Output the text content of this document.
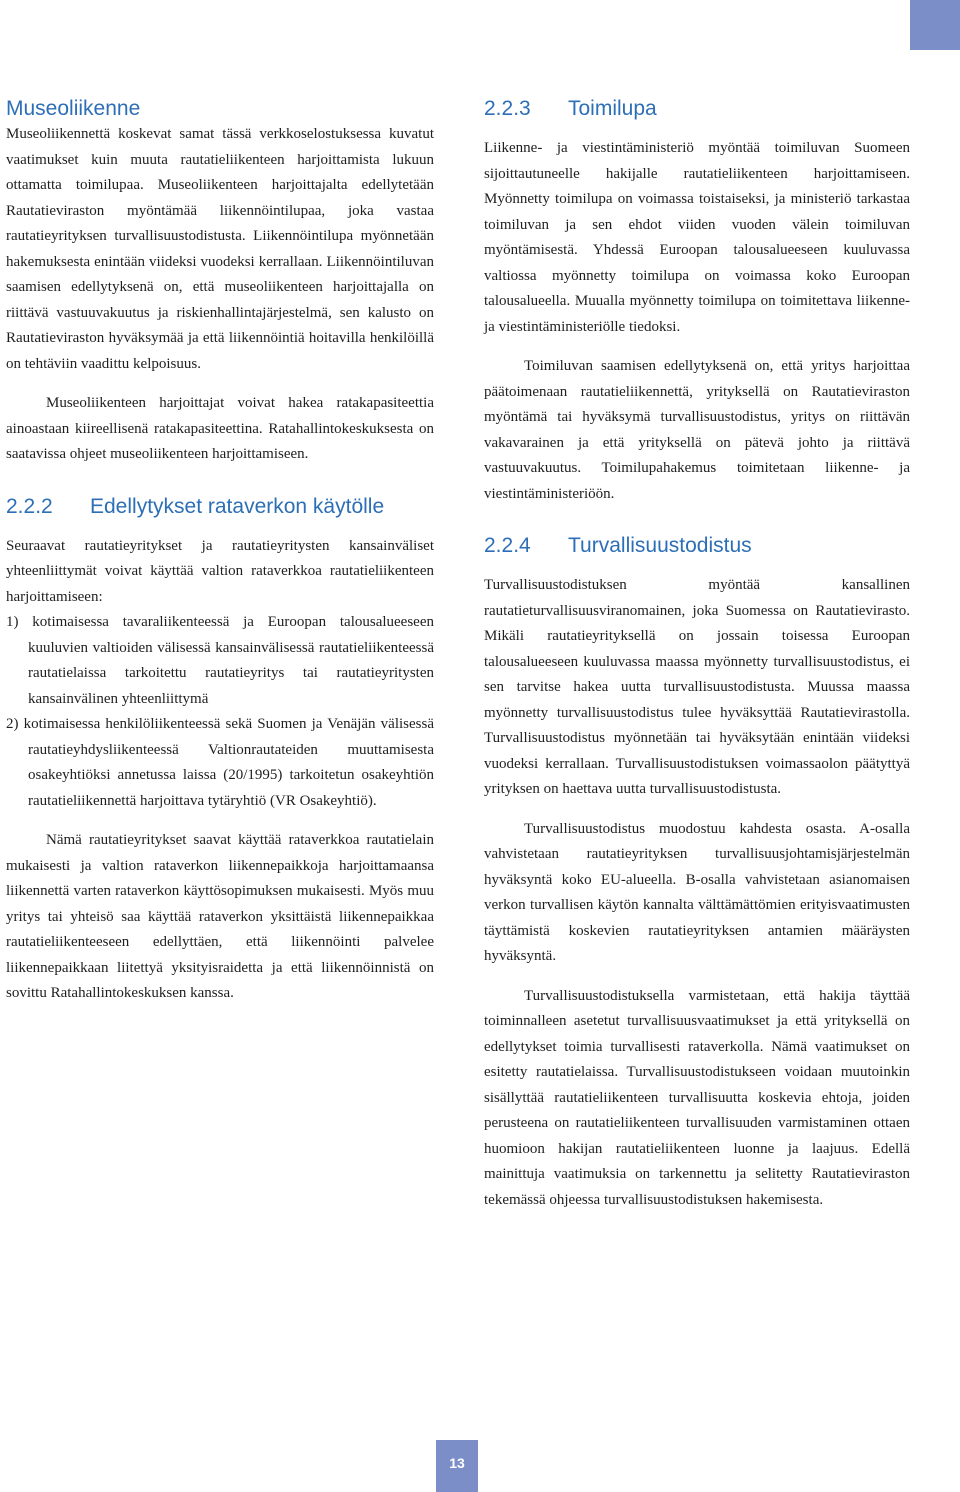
Museoliikenne

Museoliikennettä koskevat samat tässä verkkoselostuksessa kuvatut vaatimukset kuin muuta rautatieliikenteen harjoittamista lukuun ottamatta toimilupaa. Museoliikenteen harjoittajalta edellytetään Rautatieviraston myöntämää liikennöintilupaa, joka vastaa rautatieyrityksen turvallisuustodistusta. Liikennöintilupa myönnetään hakemuksesta enintään viideksi vuodeksi kerrallaan. Liikennöintiluvan saamisen edellytyksenä on, että museoliikenteen harjoittajalla on riittävä vastuuvakuutus ja riskienhallintajärjestelmä, sen kalusto on Rautatieviraston hyväksymää ja että liikennöintiä hoitavilla henkilöillä on tehtäviin vaadittu kelpoisuus.

Museoliikenteen harjoittajat voivat hakea ratakapasiteettia ainoastaan kiireellisenä ratakapasiteettina. Ratahallintokeskuksesta on saatavissa ohjeet museoliikenteen harjoittamiseen.

2.2.2	Edellytykset rataverkon käytölle

Seuraavat rautatieyritykset ja rautatieyritysten kansainväliset yhteenliittymät voivat käyttää valtion rataverkkoa rautatieliikenteen harjoittamiseen:

1) kotimaisessa tavaraliikenteessä ja Euroopan talousalueeseen kuuluvien valtioiden välisessä kansainvälisessä rautatieliikenteessä rautatielaissa tarkoitettu rautatieyritys tai rautatieyritysten kansainvälinen yhteenliittymä
2) kotimaisessa henkilöliikenteessä sekä Suomen ja Venäjän välisessä rautatieyhdysliikenteessä Valtionrautateiden muuttamisesta osakeyhtiöksi annetussa laissa (20/1995) tarkoitetun osakeyhtiön rautatieliikennettä harjoittava tytäryhtiö (VR Osakeyhtiö).

Nämä rautatieyritykset saavat käyttää rataverkkoa rautatielain mukaisesti ja valtion rataverkon liikennepaikkoja harjoittamaansa liikennettä varten rataverkon käyttösopimuksen mukaisesti. Myös muu yritys tai yhteisö saa käyttää rataverkon yksittäistä liikennepaikkaa rautatieliikenteeseen edellyttäen, että liikennöinti palvelee liikennepaikkaan liitettyä yksityisraidetta ja että liikennöinnistä on sovittu Ratahallintokeskuksen kanssa.

2.2.3	Toimilupa

Liikenne- ja viestintäministeriö myöntää toimiluvan Suomeen sijoittautuneelle hakijalle rautatieliikenteen harjoittamiseen. Myönnetty toimilupa on voimassa toistaiseksi, ja ministeriö tarkastaa toimiluvan ja sen ehdot viiden vuoden välein toimiluvan myöntämisestä. Yhdessä Euroopan talousalueeseen kuuluvassa valtiossa myönnetty toimilupa on voimassa koko Euroopan talousalueella. Muualla myönnetty toimilupa on toimitettava liikenne- ja viestintäministeriölle tiedoksi.

Toimiluvan saamisen edellytyksenä on, että yritys harjoittaa päätoimenaan rautatieliikennettä, yrityksellä on Rautatieviraston myöntämä tai hyväksymä turvallisuustodistus, yritys on riittävän vakavarainen ja että yrityksellä on pätevä johto ja riittävä vastuuvakuutus. Toimilupahakemus toimitetaan liikenne- ja viestintäministeriöön.

2.2.4	Turvallisuustodistus

Turvallisuustodistuksen myöntää kansallinen rautatieturvallisuusviranomainen, joka Suomessa on Rautatievirasto. Mikäli rautatieyrityksellä on jossain toisessa Euroopan talousalueeseen kuuluvassa maassa myönnetty turvallisuustodistus, ei sen tarvitse hakea uutta turvallisuustodistusta. Muussa maassa myönnetty turvallisuustodistus tulee hyväksyttää Rautatievirastolla. Turvallisuustodistus myönnetään tai hyväksytään enintään viideksi vuodeksi kerrallaan. Turvallisuustodistuksen voimassaolon päätyttyä yrityksen on haettava uutta turvallisuustodistusta.

Turvallisuustodistus muodostuu kahdesta osasta. A-osalla vahvistetaan rautatieyrityksen turvallisuusjohtamisjärjestelmän hyväksyntä koko EU-alueella. B-osalla vahvistetaan asianomaisen verkon turvallisen käytön kannalta välttämättömien erityisvaatimusten täyttämistä koskevien rautatieyrityksen antamien määräysten hyväksyntä.

Turvallisuustodistuksella varmistetaan, että hakija täyttää toiminnalleen asetetut turvallisuusvaatimukset ja että yrityksellä on edellytykset toimia turvallisesti rataverkolla. Nämä vaatimukset on esitetty rautatielaissa. Turvallisuustodistukseen voidaan muutoinkin sisällyttää rautatieliikenteen turvallisuutta koskevia ehtoja, joiden perusteena on rautatieliikenteen turvallisuuden varmistaminen ottaen huomioon hakijan rautatieliikenteen luonne ja laajuus. Edellä mainittuja vaatimuksia on tarkennettu ja selitetty Rautatieviraston tekemässä ohjeessa turvallisuustodistuksen hakemisesta.

13
